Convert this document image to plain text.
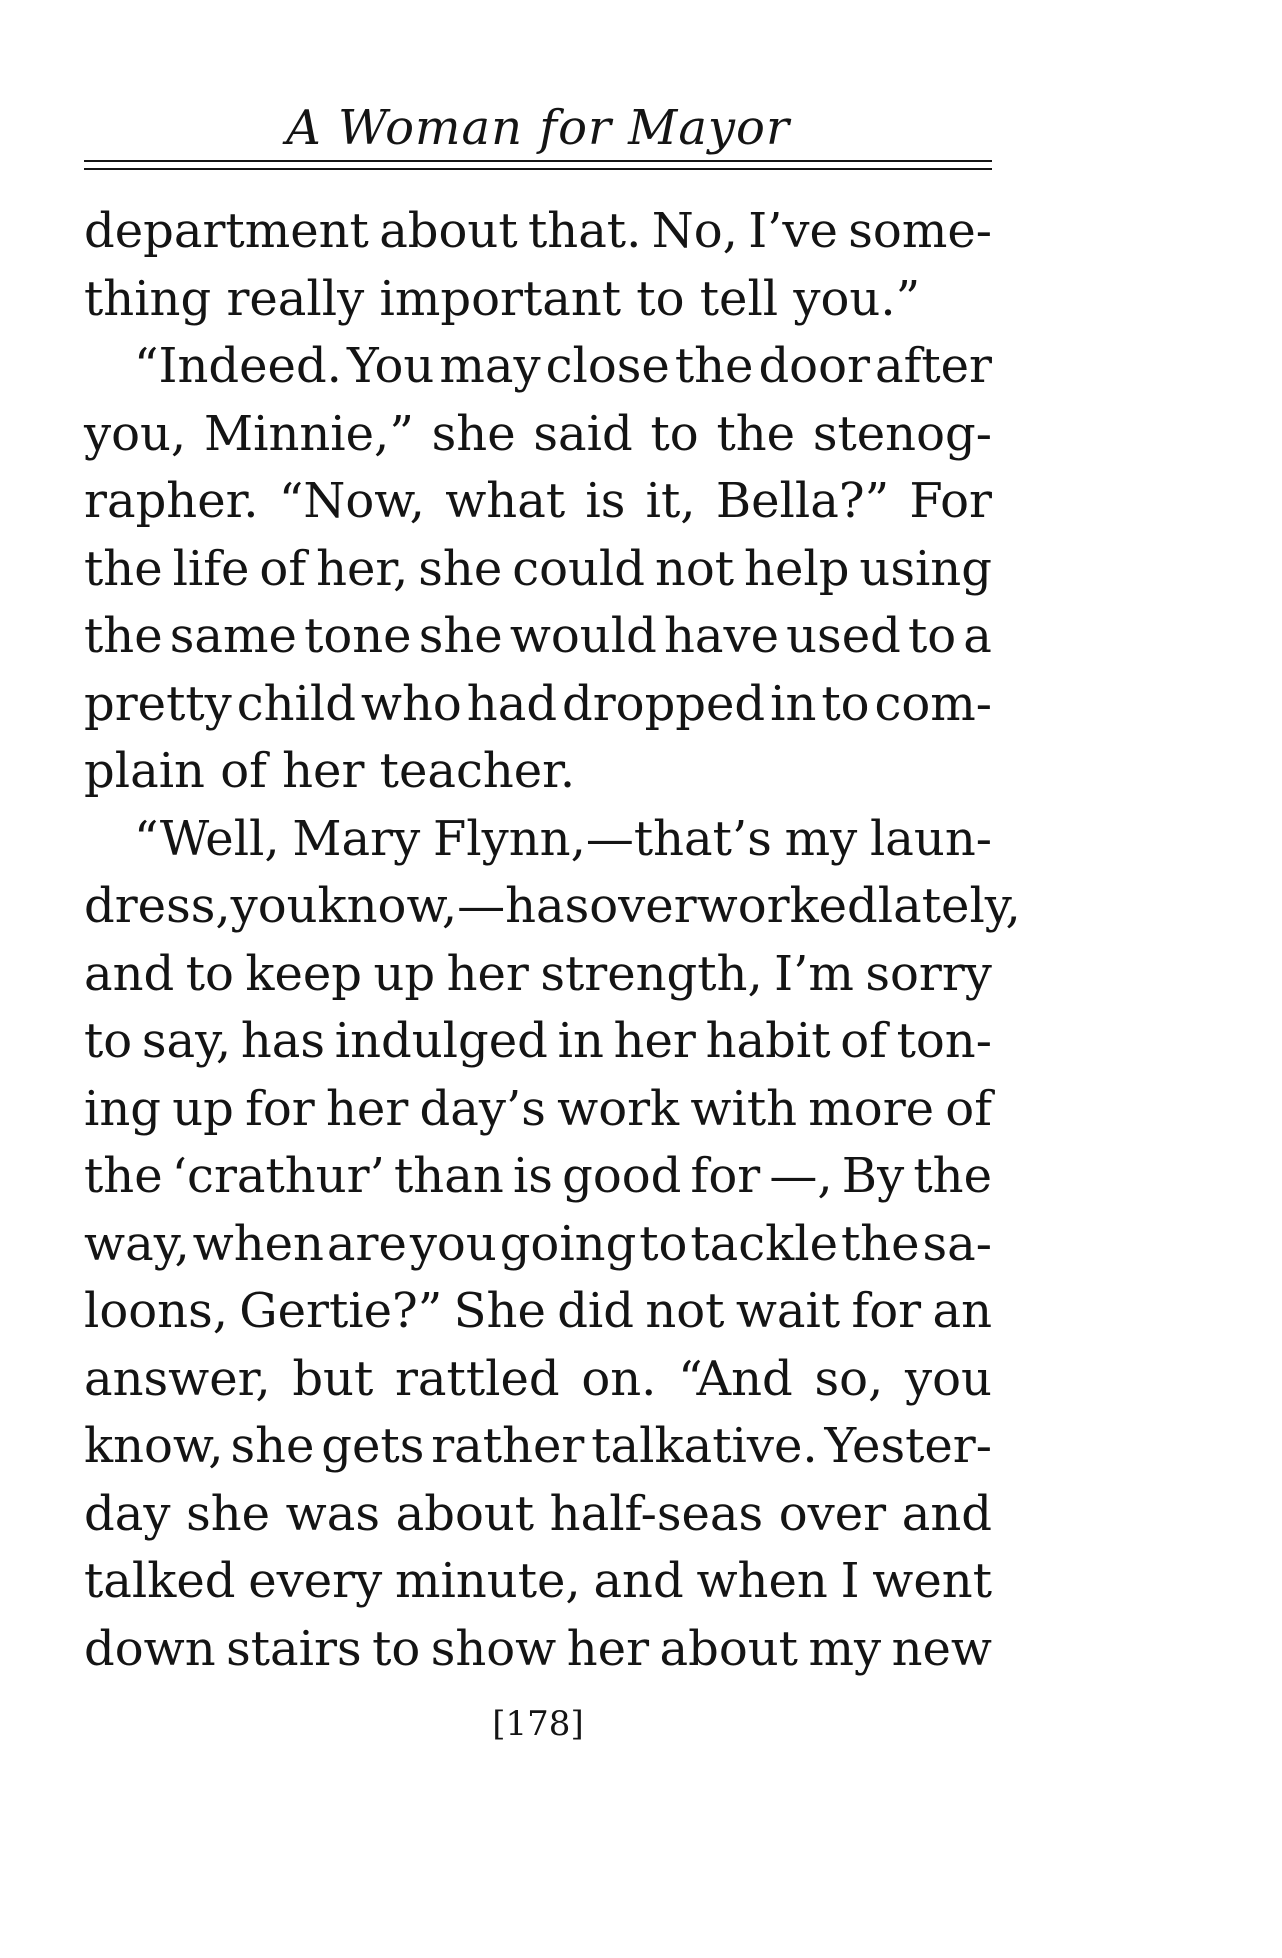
A Woman for Mayor
department about that. No, I’ve some-
thing really important to tell you.”
“Indeed. You may close the door after
you, Minnie,” she said to the stenog-
rapher. “Now, what is it, Bella?” For
the life of her, she could not help using
the same tone she would have used to a
pretty child who had dropped in to com-
plain of her teacher.
“Well, Mary Flynn,—that’s my laun-
dress, you know,—has overworked lately,
and to keep up her strength, I’m sorry
to say, has indulged in her habit of ton-
ing up for her day’s work with more of
the ‘crathur’ than is good for —, By the
way, when are you going to tackle the sa-
loons, Gertie?” She did not wait for an
answer, but rattled on. “And so, you
know, she gets rather talkative. Yester-
day she was about half-seas over and
talked every minute, and when I went
down stairs to show her about my new
[178]
